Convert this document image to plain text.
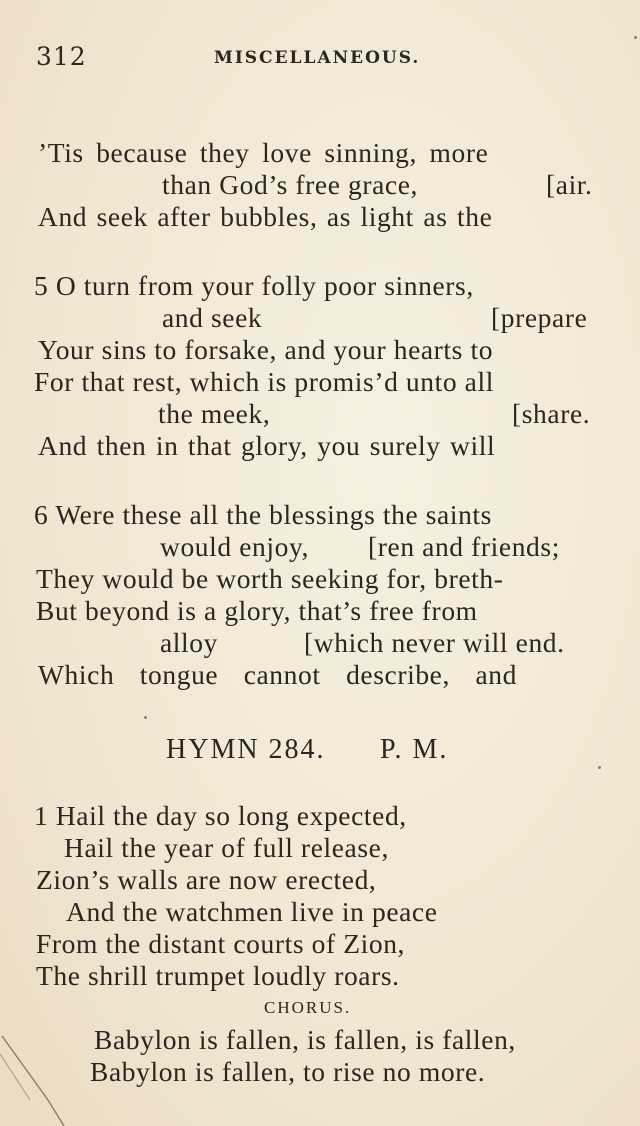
312	MISCELLANEOUS.
’Tis because they love sinning, more
than God’s free grace,	[air.
And seek after bubbles, as light as the
5 O turn from your folly poor sinners,
and seek	[prepare
Your sins to forsake, and your hearts to
For that rest, which is promis’d unto all
the meek,	[share.
And then in that glory, you surely will
6 Were these all the blessings the saints
would enjoy, [ren and friends;
They would be worth seeking for, breth-
But beyond is a glory, that’s free from
alloy	[which never will end.
Which tongue cannot describe, and
HYMN 284. P. M.
1 Hail the day so long expected,
Hail the year of full release,
Zion’s walls are now erected,
And the watchmen live in peace
From the distant courts of Zion,
The shrill trumpet loudly roars.
CHORUS.
Babylon is fallen, is fallen, is fallen,
Babylon is fallen, to rise no more.
